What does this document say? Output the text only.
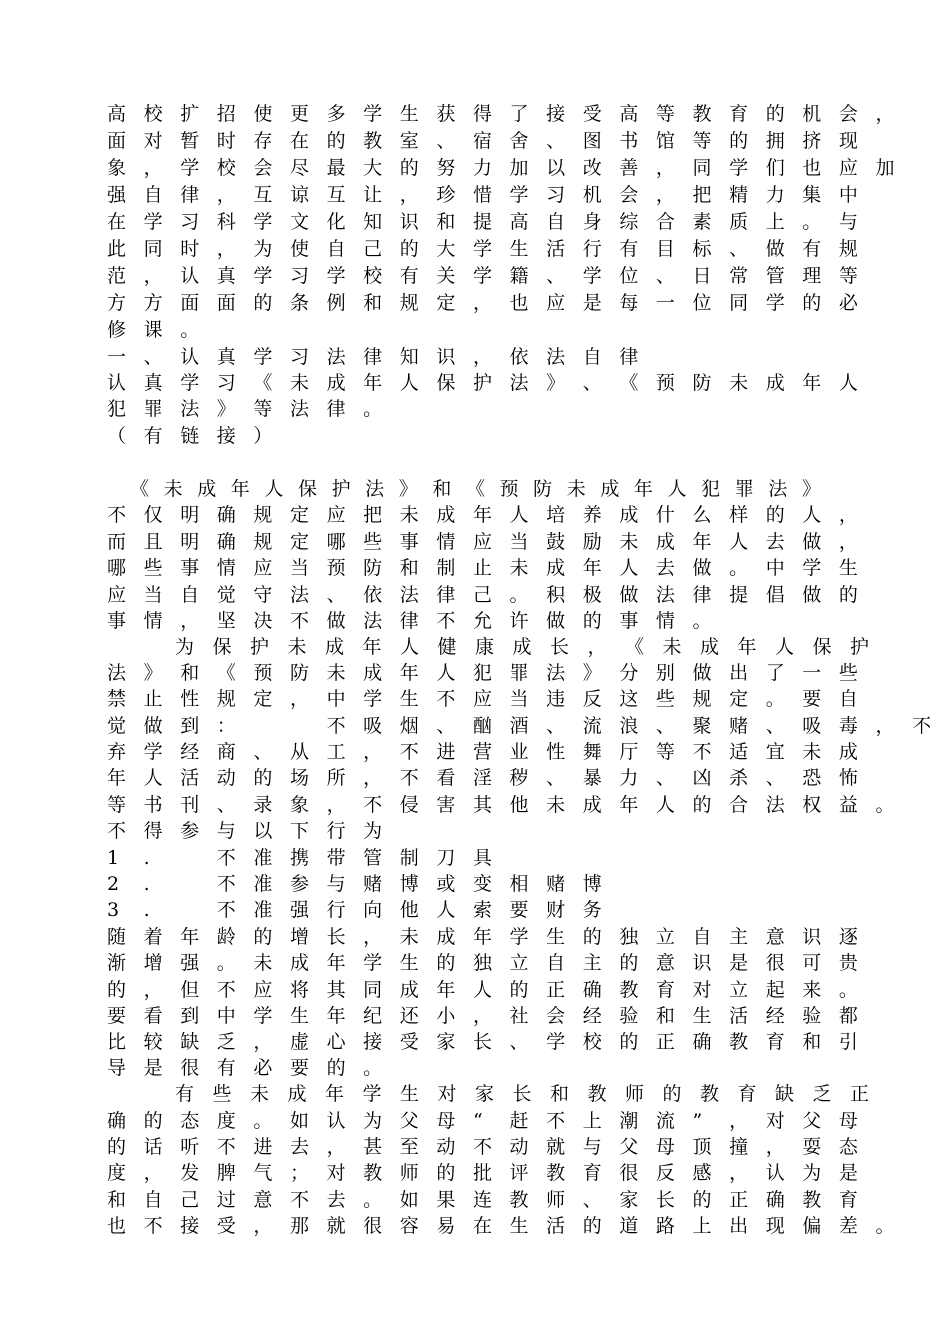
高 校 扩 招 使 更 多 学 生 获 得 了 接 受 高 等 教 育 的 机 会 ，
面 对 暂 时 存 在 的 教 室 、 宿 舍 、 图 书 馆 等 的 拥 挤 现
象 ， 学 校 会 尽 最 大 的 努 力 加 以 改 善 ， 同 学 们 也 应 加
强 自 律 ， 互 谅 互 让 ， 珍 惜 学 习 机 会 ， 把 精 力 集 中
在 学 习 科 学 文 化 知 识 和 提 高 自 身 综 合 素 质 上 。 与
此 同 时 ， 为 使 自 己 的 大 学 生 活 行 有 目 标 、 做 有 规
范 ， 认 真 学 习 学 校 有 关 学 籍 、 学 位 、 日 常 管 理 等
方 方 面 面 的 条 例 和 规 定 ， 也 应 是 每 一 位 同 学 的 必
修 课 。
一 、 认 真 学 习 法 律 知 识 ， 依 法 自 律
认 真 学 习 《 未 成 年 人 保 护 法 》 、 《 预 防 未 成 年 人
犯 罪 法 》 等 法 律 。
（ 有 链 接 ）
《 未 成 年 人 保 护 法 》 和 《 预 防 未 成 年 人 犯 罪 法 》
不 仅 明 确 规 定 应 把 未 成 年 人 培 养 成 什 么 样 的 人 ，
而 且 明 确 规 定 哪 些 事 情 应 当 鼓 励 未 成 年 人 去 做 ，
哪 些 事 情 应 当 预 防 和 制 止 未 成 年 人 去 做 。 中 学 生
应 当 自 觉 守 法 、 依 法 律 己 。 积 极 做 法 律 提 倡 做 的
事 情 ， 坚 决 不 做 法 律 不 允 许 做 的 事 情 。
为 保 护 未 成 年 人 健 康 成 长 ， 《 未 成 年 人 保 护
法 》 和 《 预 防 未 成 年 人 犯 罪 法 》 分 别 做 出 了 一 些
禁 止 性 规 定 ， 中 学 生 不 应 当 违 反 这 些 规 定 。 要 自
觉 做 到 ：	不 吸 烟 、 酗 酒 、 流 浪 、 聚 赌 、 吸 毒 ， 不
弃 学 经 商 、 从 工 ， 不 进 营 业 性 舞 厅 等 不 适 宜 未 成
年 人 活 动 的 场 所 ， 不 看 淫 秽 、 暴 力 、 凶 杀 、 恐 怖
等 书 刊 、 录 象 ， 不 侵 害 其 他 未 成 年 人 的 合 法 权 益 。
不 得 参 与 以 下 行 为
1 .	不 准 携 带 管 制 刀 具
2 .	不 准 参 与 赌 博 或 变 相 赌 博
3 .	不 准 强 行 向 他 人 索 要 财 务
随 着 年 龄 的 增 长 ， 未 成 年 学 生 的 独 立 自 主 意 识 逐
渐 增 强 。 未 成 年 学 生 的 独 立 自 主 的 意 识 是 很 可 贵
的 ， 但 不 应 将 其 同 成 年 人 的 正 确 教 育 对 立 起 来 。
要 看 到 中 学 生 年 纪 还 小 ， 社 会 经 验 和 生 活 经 验 都
比 较 缺 乏 ， 虚 心 接 受 家 长 、 学 校 的 正 确 教 育 和 引
导 是 很 有 必 要 的 。
有 些 未 成 年 学 生 对 家 长 和 教 师 的 教 育 缺 乏 正
确 的 态 度 。 如 认 为 父 母 “ 赶 不 上 潮 流 ” ， 对 父 母
的 话 听 不 进 去 ， 甚 至 动 不 动 就 与 父 母 顶 撞 ， 耍 态
度 ， 发 脾 气 ； 对 教 师 的 批 评 教 育 很 反 感 ， 认 为 是
和 自 己 过 意 不 去 。 如 果 连 教 师 、 家 长 的 正 确 教 育
也 不 接 受 ， 那 就 很 容 易 在 生 活 的 道 路 上 出 现 偏 差 。
